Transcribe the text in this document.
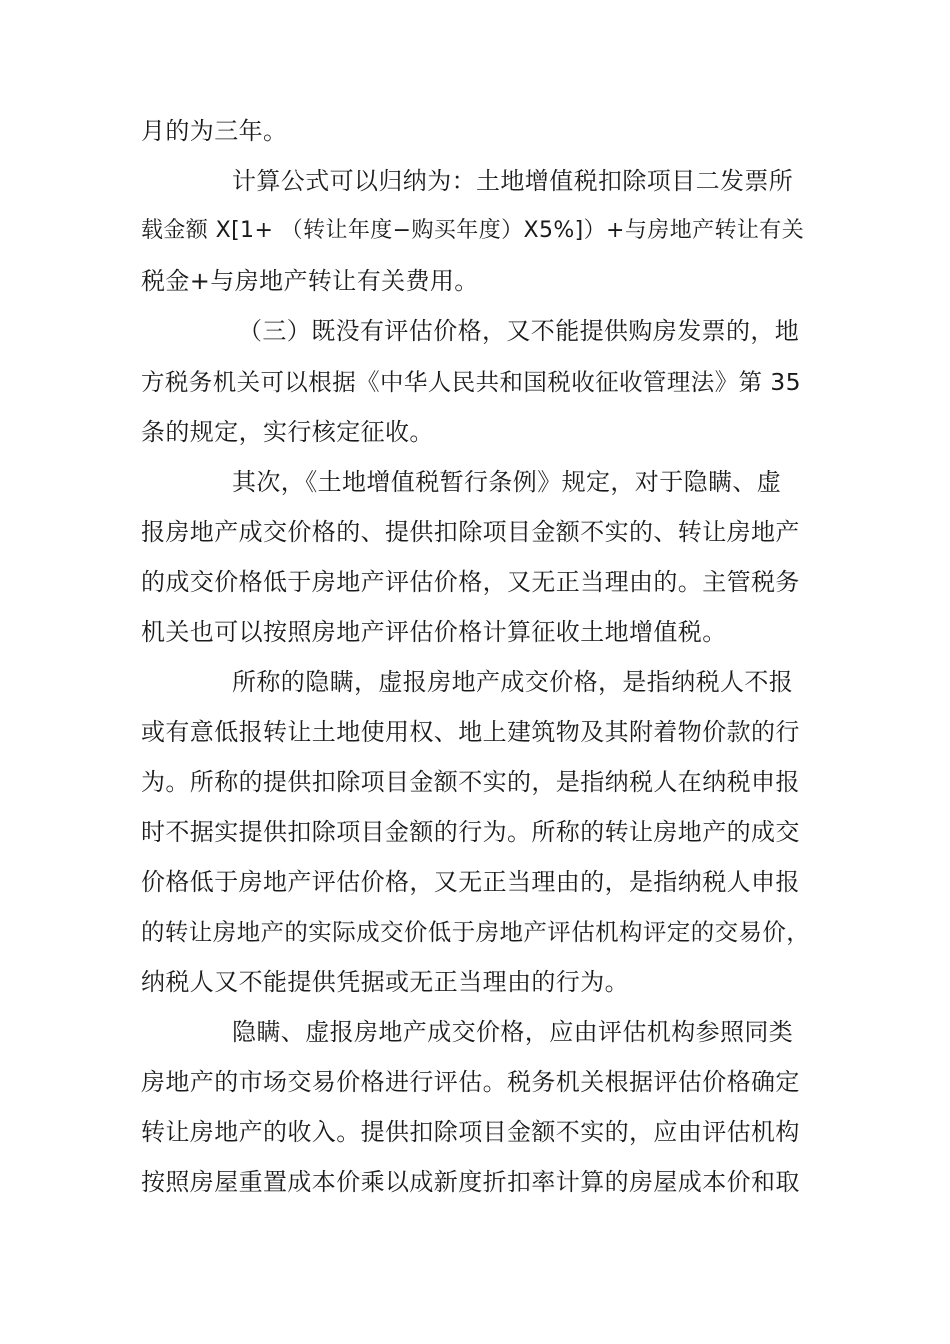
月的为三年。
计算公式可以归纳为：土地增值税扣除项目二发票所
载金额 X[1+ （转让年度−购买年度）X5%]）+与房地产转让有关
税金+与房地产转让有关费用。
（三）既没有评估价格，又不能提供购房发票的，地
方税务机关可以根据《中华人民共和国税收征收管理法》第 35
条的规定，实行核定征收。
其次，《土地增值税暂行条例》规定，对于隐瞒、虚
报房地产成交价格的、提供扣除项目金额不实的、转让房地产
的成交价格低于房地产评估价格，又无正当理由的。主管税务
机关也可以按照房地产评估价格计算征收土地增值税。
所称的隐瞒，虚报房地产成交价格，是指纳税人不报
或有意低报转让土地使用权、地上建筑物及其附着物价款的行
为。所称的提供扣除项目金额不实的，是指纳税人在纳税申报
时不据实提供扣除项目金额的行为。所称的转让房地产的成交
价格低于房地产评估价格，又无正当理由的，是指纳税人申报
的转让房地产的实际成交价低于房地产评估机构评定的交易价，
纳税人又不能提供凭据或无正当理由的行为。
隐瞒、虚报房地产成交价格，应由评估机构参照同类
房地产的市场交易价格进行评估。税务机关根据评估价格确定
转让房地产的收入。提供扣除项目金额不实的，应由评估机构
按照房屋重置成本价乘以成新度折扣率计算的房屋成本价和取
